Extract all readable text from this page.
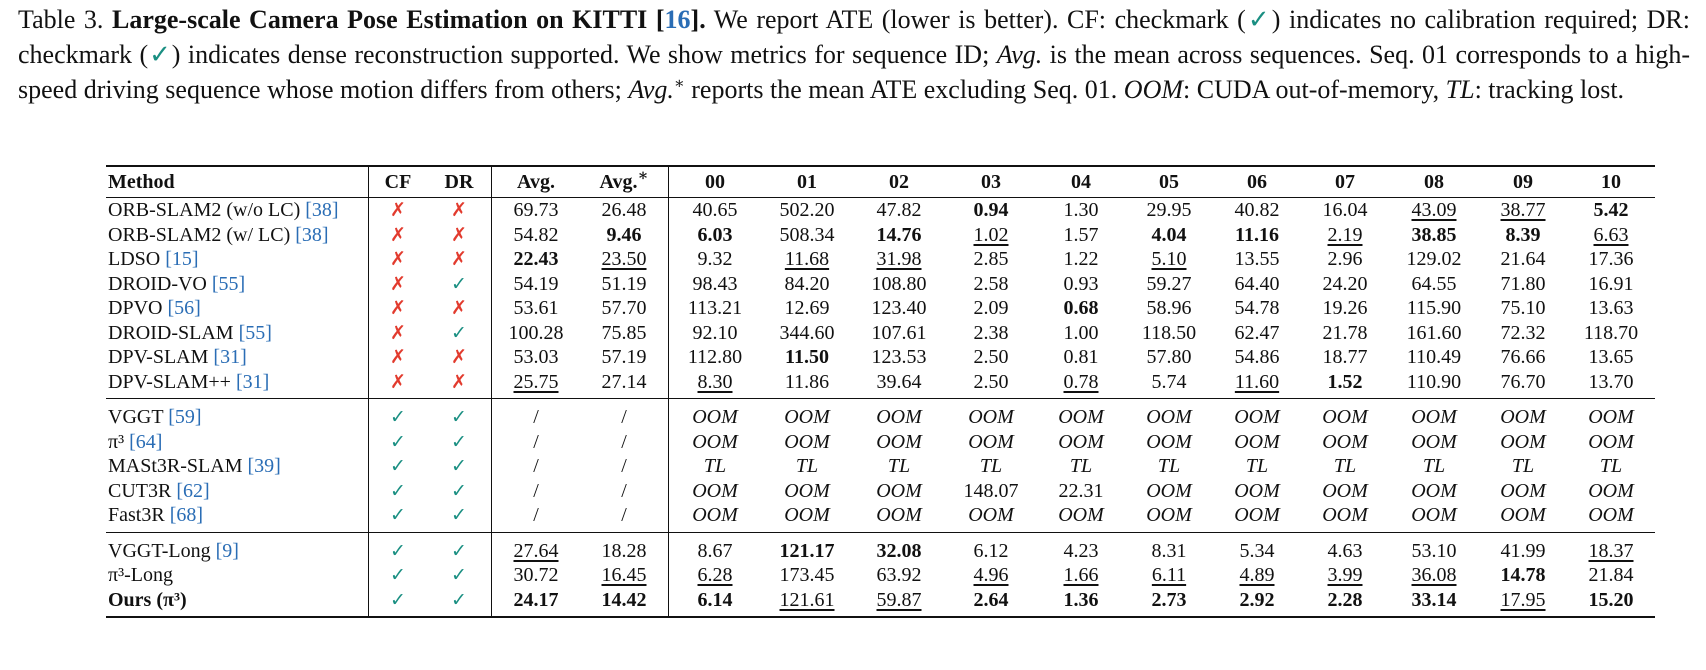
Table 3. Large-scale Camera Pose Estimation on KITTI [16]. We report ATE (lower is better). CF: checkmark (✓) indicates no calibration required; DR: checkmark (✓) indicates dense reconstruction supported. We show metrics for sequence ID; Avg. is the mean across sequences. Seq. 01 corresponds to a high-speed driving sequence whose motion differs from others; Avg.∗ reports the mean ATE excluding Seq. 01. OOM: CUDA out-of-memory, TL: tracking lost.
Method	CF	DR	Avg.	Avg.∗	00	01	02	03	04	05	06	07	08	09	10
ORB-SLAM2 (w/o LC) [38]	✗	✗	69.73	26.48	40.65	502.20	47.82	0.94	1.30	29.95	40.82	16.04	43.09	38.77	5.42
ORB-SLAM2 (w/ LC) [38]	✗	✗	54.82	9.46	6.03	508.34	14.76	1.02	1.57	4.04	11.16	2.19	38.85	8.39	6.63
LDSO [15]	✗	✗	22.43	23.50	9.32	11.68	31.98	2.85	1.22	5.10	13.55	2.96	129.02	21.64	17.36
DROID-VO [55]	✗	✓	54.19	51.19	98.43	84.20	108.80	2.58	0.93	59.27	64.40	24.20	64.55	71.80	16.91
DPVO [56]	✗	✗	53.61	57.70	113.21	12.69	123.40	2.09	0.68	58.96	54.78	19.26	115.90	75.10	13.63
DROID-SLAM [55]	✗	✓	100.28	75.85	92.10	344.60	107.61	2.38	1.00	118.50	62.47	21.78	161.60	72.32	118.70
DPV-SLAM [31]	✗	✗	53.03	57.19	112.80	11.50	123.53	2.50	0.81	57.80	54.86	18.77	110.49	76.66	13.65
DPV-SLAM++ [31]	✗	✗	25.75	27.14	8.30	11.86	39.64	2.50	0.78	5.74	11.60	1.52	110.90	76.70	13.70
VGGT [59]	✓	✓	/	/	OOM	OOM	OOM	OOM	OOM	OOM	OOM	OOM	OOM	OOM	OOM
π³ [64]	✓	✓	/	/	OOM	OOM	OOM	OOM	OOM	OOM	OOM	OOM	OOM	OOM	OOM
MASt3R-SLAM [39]	✓	✓	/	/	TL	TL	TL	TL	TL	TL	TL	TL	TL	TL	TL
CUT3R [62]	✓	✓	/	/	OOM	OOM	OOM	148.07	22.31	OOM	OOM	OOM	OOM	OOM	OOM
Fast3R [68]	✓	✓	/	/	OOM	OOM	OOM	OOM	OOM	OOM	OOM	OOM	OOM	OOM	OOM
VGGT-Long [9]	✓	✓	27.64	18.28	8.67	121.17	32.08	6.12	4.23	8.31	5.34	4.63	53.10	41.99	18.37
π³-Long	✓	✓	30.72	16.45	6.28	173.45	63.92	4.96	1.66	6.11	4.89	3.99	36.08	14.78	21.84
Ours (π³)	✓	✓	24.17	14.42	6.14	121.61	59.87	2.64	1.36	2.73	2.92	2.28	33.14	17.95	15.20
